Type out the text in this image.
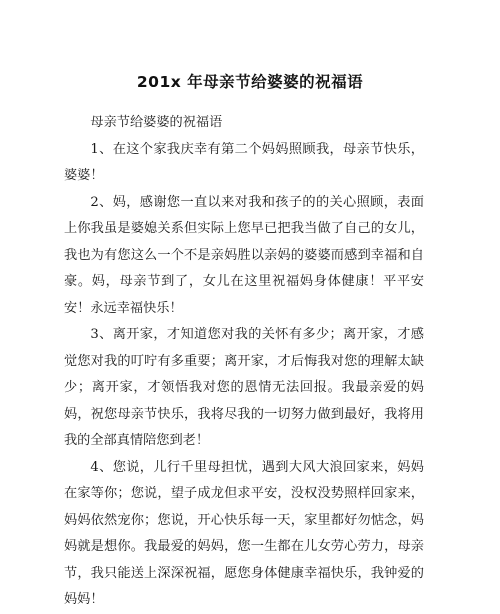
201x 年母亲节给婆婆的祝福语

母亲节给婆婆的祝福语

1、在这个家我庆幸有第二个妈妈照顾我，母亲节快乐，婆婆！

2、妈，感谢您一直以来对我和孩子的的关心照顾，表面上你我虽是婆媳关系但实际上您早已把我当做了自己的女儿，我也为有您这么一个不是亲妈胜以亲妈的婆婆而感到幸福和自豪。妈，母亲节到了，女儿在这里祝福妈身体健康！平平安安！永远幸福快乐！

3、离开家，才知道您对我的关怀有多少；离开家，才感觉您对我的叮咛有多重要；离开家，才后悔我对您的理解太缺少；离开家，才领悟我对您的恩情无法回报。我最亲爱的妈妈，祝您母亲节快乐，我将尽我的一切努力做到最好，我将用我的全部真情陪您到老！

4、您说，儿行千里母担忧，遇到大风大浪回家来，妈妈在家等你；您说，望子成龙但求平安，没权没势照样回家来，妈妈依然宠你；您说，开心快乐每一天，家里都好勿惦念，妈妈就是想你。我最爱的妈妈，您一生都在儿女劳心劳力，母亲节，我只能送上深深祝福，愿您身体健康幸福快乐，我钟爱的妈妈！
